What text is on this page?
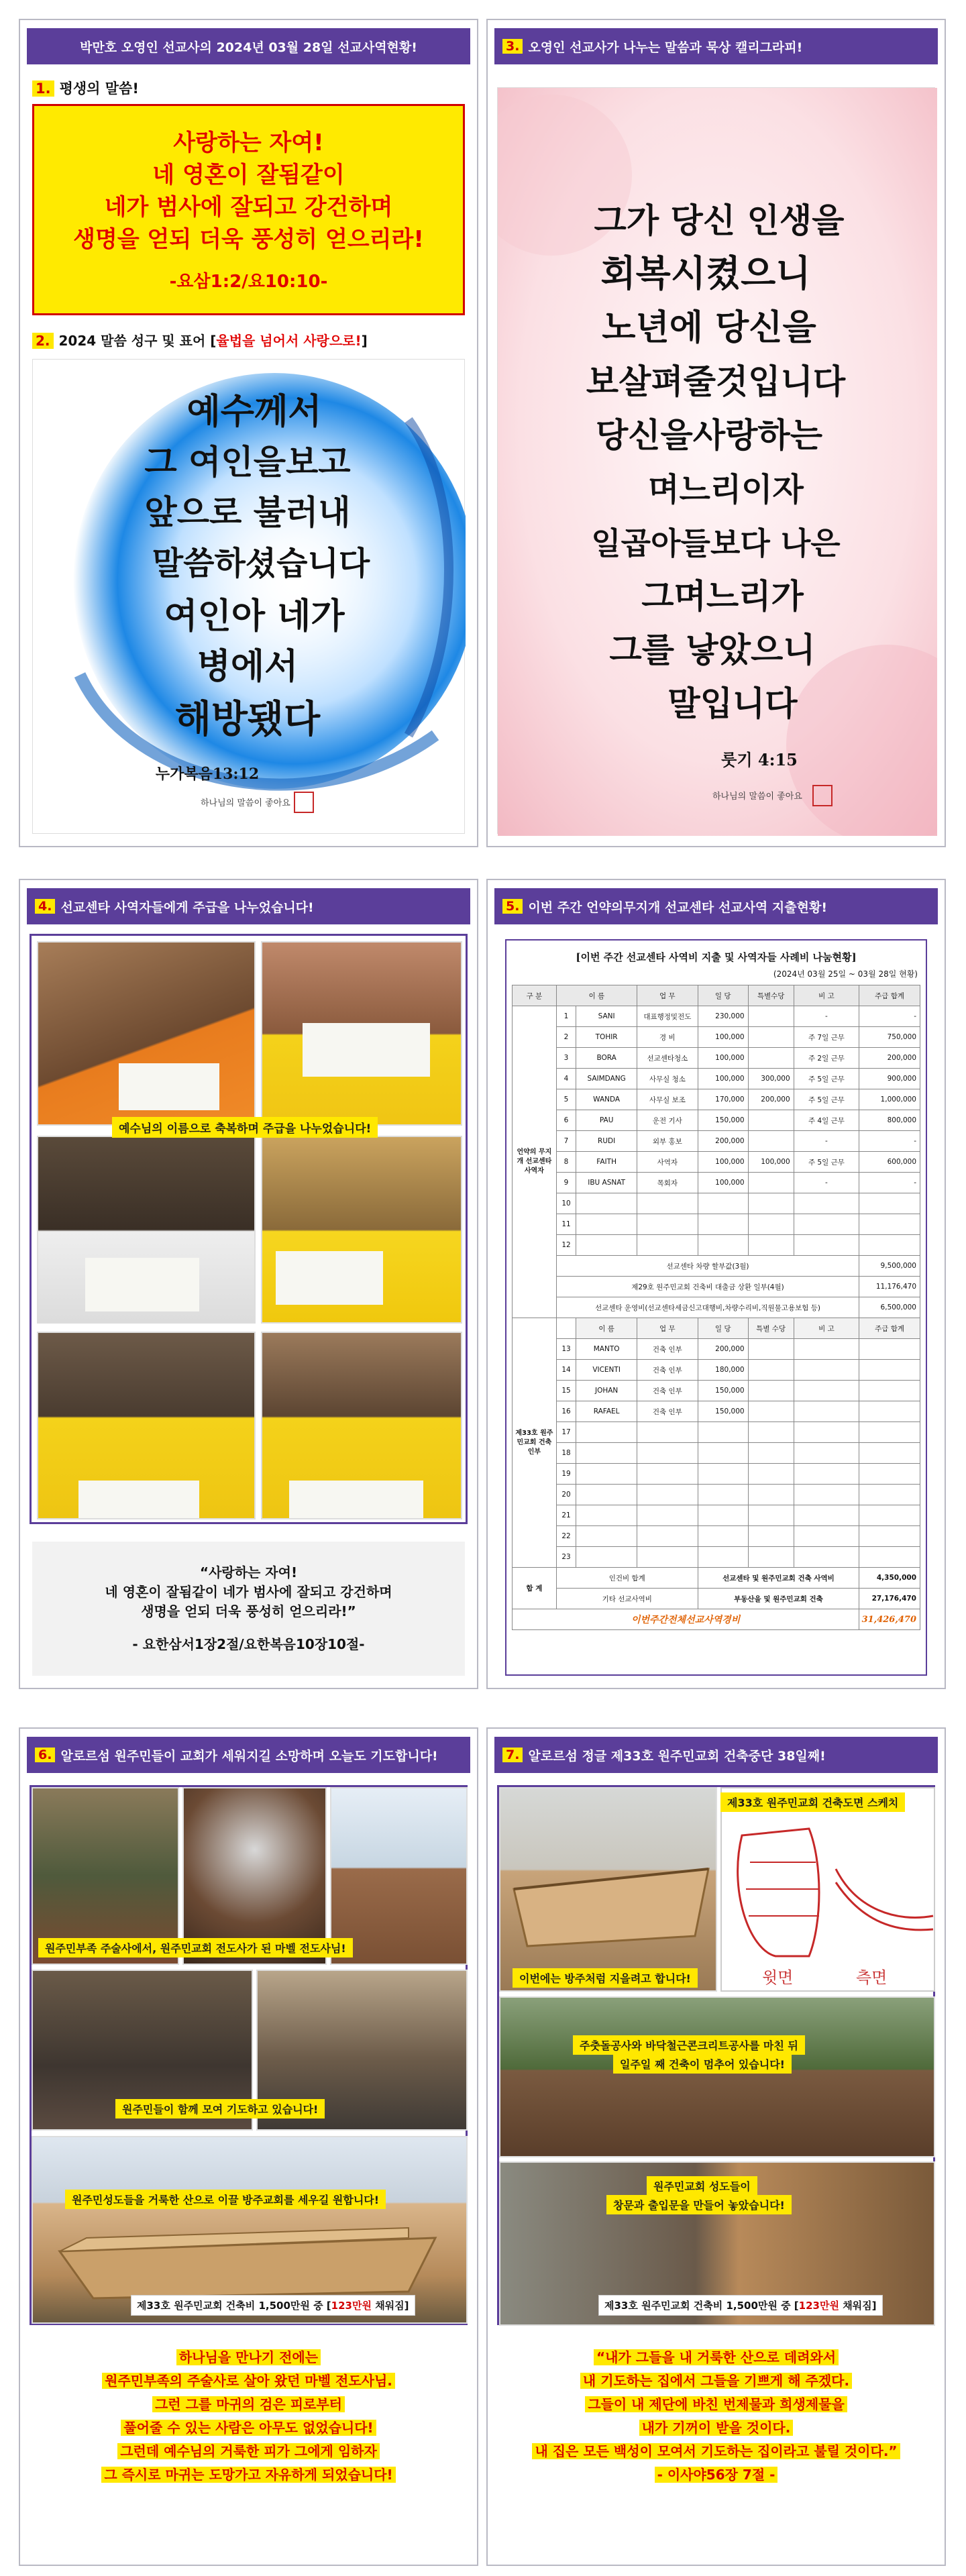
박만호 오영인 선교사의 2024년 03월 28일 선교사역현황!
1. 평생의 말씀!
사랑하는 자여!
네 영혼이 잘됨같이
네가 범사에 잘되고 강건하며
생명을 얻되 더욱 풍성히 얻으리라!
-요삼1:2/요10:10-
2. 2024 말씀 성구 및 표어 [율법을 넘어서 사랑으로!]
예수께서
그 여인을보고
앞으로 불러내
말씀하셨습니다
여인아 네가
병에서
해방됐다
누가복음13:12
하나님의 말씀이 좋아요
3. 오영인 선교사가 나누는 말씀과 묵상 캘리그라피!
그가 당신 인생을
회복시켰으니
노년에 당신을
보살펴줄것입니다
당신을사랑하는
며느리이자
일곱아들보다 나은
그며느리가
그를 낳았으니
말입니다
룻기 4:15
하나님의 말씀이 좋아요
4. 선교센타 사역자들에게 주급을 나누었습니다!
예수님의 이름으로 축복하며 주급을 나누었습니다!
“사랑하는 자여!
네 영혼이 잘됨같이 네가 범사에 잘되고 강건하며
생명을 얻되 더욱 풍성히 얻으리라!”
- 요한삼서1장2절/요한복음10장10절-
5. 이번 주간 언약의무지개 선교센타 선교사역 지출현황!
[이번 주간 선교센타 사역비 지출 및 사역자들 사례비 나눔현황]
(2024년 03월 25일 ~ 03월 28일 현황)
구 분	이 름		업 무	일 당	특별수당	비 고	주급 합계
언약의 무지개 선교센타 사역자	1	SANI	대표행정및전도	230,000		-	-
	2	TOHIR	경 비	100,000		주 7일 근무	750,000
	3	BORA	선교센타청소	100,000		주 2일 근무	200,000
	4	SAIMDANG	사무실 청소	100,000	300,000	주 5일 근무	900,000
	5	WANDA	사무실 보조	170,000	200,000	주 5일 근무	1,000,000
	6	PAU	운전 기사	150,000		주 4일 근무	800,000
	7	RUDI	외부 홍보	200,000		-	-
	8	FAITH	사역자	100,000	100,000	주 5일 근무	600,000
	9	IBU ASNAT	목회자	100,000		-	-
	10						
	11						
	12						
	선교센타 차량 할부값(3월)						9,500,000
	제29호 원주민교회 건축비 대출금 상환 일부(4월)						11,176,470
	선교센타 운영비(선교센타세금신고대행비,차량수리비,직원물고용보험 등)						6,500,000
제33호 원주민교회 건축인부		이 름	업 무	일 당	특별 수당	비 고	주급 합계
	13	MANTO	건축 인부	200,000			
	14	VICENTI	건축 인부	180,000			
	15	JOHAN	건축 인부	150,000			
	16	RAFAEL	건축 인부	150,000			
	17						
	18						
	19						
	20						
	21						
	22						
	23						
합 계	인건비 합계			선교센타 및 원주민교회 건축 사역비			4,350,000
	기타 선교사역비			부동산을 및 원주민교회 건축			27,176,470
이번주간전체선교사역경비							31,426,470
6. 알로르섬 원주민들이 교회가 세워지길 소망하며 오늘도 기도합니다!
원주민부족 주술사에서, 원주민교회 전도사가 된 마벨 전도사님!
원주민들이 함께 모여 기도하고 있습니다!
원주민성도들을 거룩한 산으로 이끌 방주교회를 세우길 원합니다!
제33호 원주민교회 건축비 1,500만원 중 [123만원 채워짐]
하나님을 만나기 전에는
원주민부족의 주술사로 살아 왔던 마벨 전도사님.
그런 그를 마귀의 검은 피로부터
풀어줄 수 있는 사람은 아무도 없었습니다!
그런데 예수님의 거룩한 피가 그에게 임하자
그 즉시로 마귀는 도망가고 자유하게 되었습니다!
7. 알로르섬 정글 제33호 원주민교회 건축중단 38일째!
윗면	측면
제33호 원주민교회 건축도면 스케치
이번에는 방주처럼 지을려고 합니다!
주춧돌공사와 바닥철근콘크리트공사를 마친 뒤
일주일 째 건축이 멈추어 있습니다!
원주민교회 성도들이
창문과 출입문을 만들어 놓았습니다!
제33호 원주민교회 건축비 1,500만원 중 [123만원 채워짐]
“내가 그들을 내 거룩한 산으로 데려와서
내 기도하는 집에서 그들을 기쁘게 해 주겠다.
그들이 내 제단에 바친 번제물과 희생제물을
내가 기꺼이 받을 것이다.
내 집은 모든 백성이 모여서 기도하는 집이라고 불릴 것이다.”
- 이사야56장 7절 -
